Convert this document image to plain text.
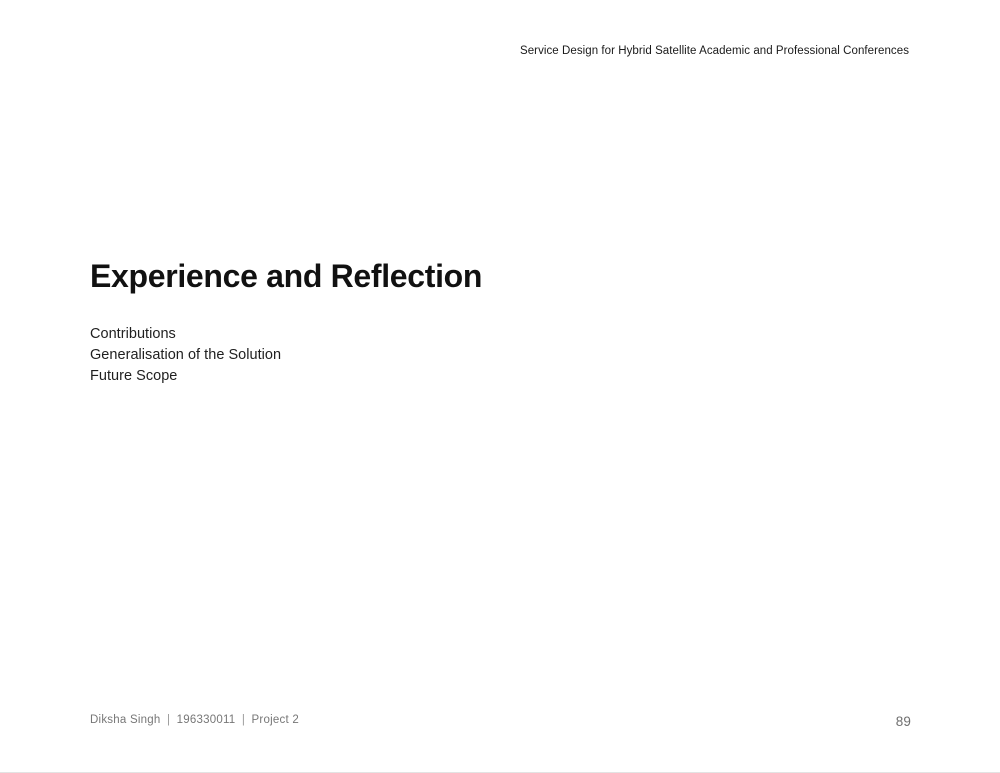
Service Design for Hybrid Satellite Academic and Professional Conferences
Experience and Reflection
Contributions
Generalisation of the Solution
Future Scope
Diksha Singh | 196330011 | Project 2	89
